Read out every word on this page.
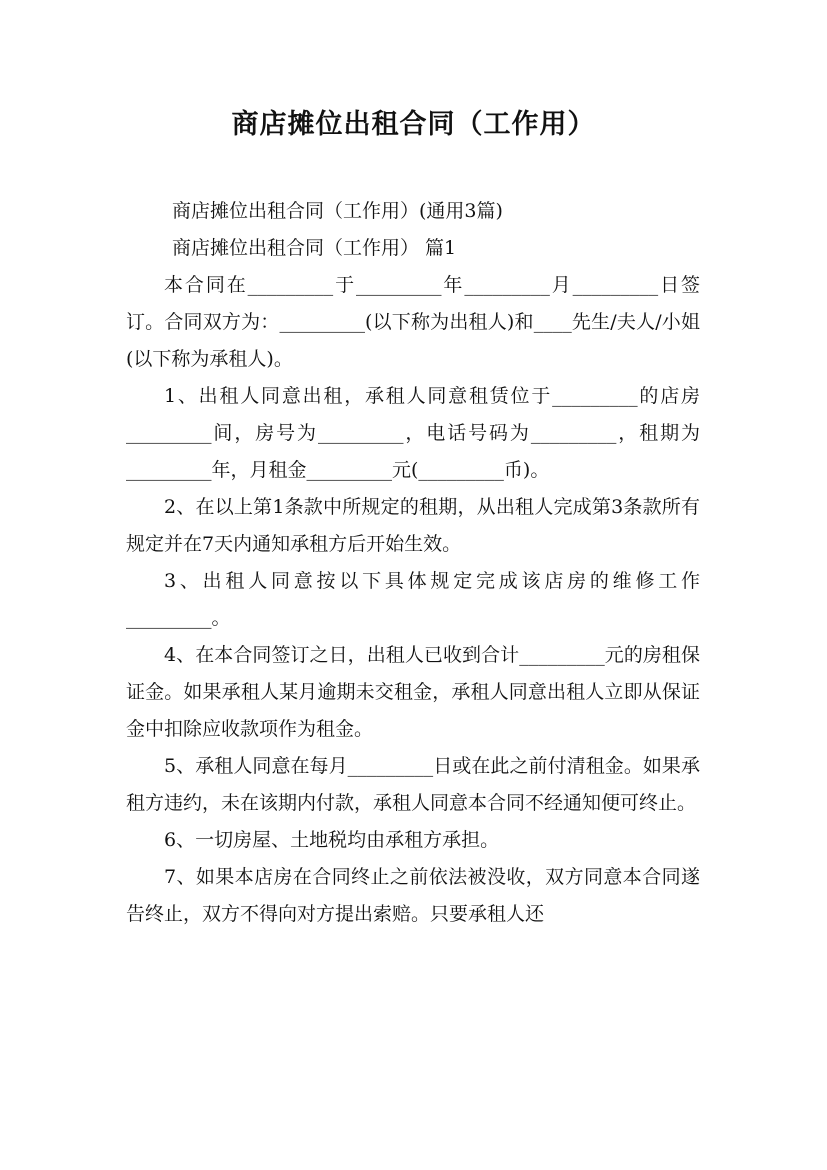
商店摊位出租合同（工作用）
商店摊位出租合同（工作用）(通用3篇)
商店摊位出租合同（工作用） 篇1

本合同在_________于_________年_________月_________日签订。合同双方为：_________(以下称为出租人)和____先生/夫人/小姐(以下称为承租人)。

1、出租人同意出租，承租人同意租赁位于_________的店房_________间，房号为_________，电话号码为_________，租期为_________年，月租金_________元(_________币)。

2、在以上第1条款中所规定的租期，从出租人完成第3条款所有规定并在7天内通知承租方后开始生效。

3、出租人同意按以下具体规定完成该店房的维修工作_________。

4、在本合同签订之日，出租人已收到合计_________元的房租保证金。如果承租人某月逾期未交租金，承租人同意出租人立即从保证金中扣除应收款项作为租金。

5、承租人同意在每月_________日或在此之前付清租金。如果承租方违约，未在该期内付款，承租人同意本合同不经通知便可终止。

6、一切房屋、土地税均由承租方承担。

7、如果本店房在合同终止之前依法被没收，双方同意本合同遂告终止，双方不得向对方提出索赔。只要承租人还
